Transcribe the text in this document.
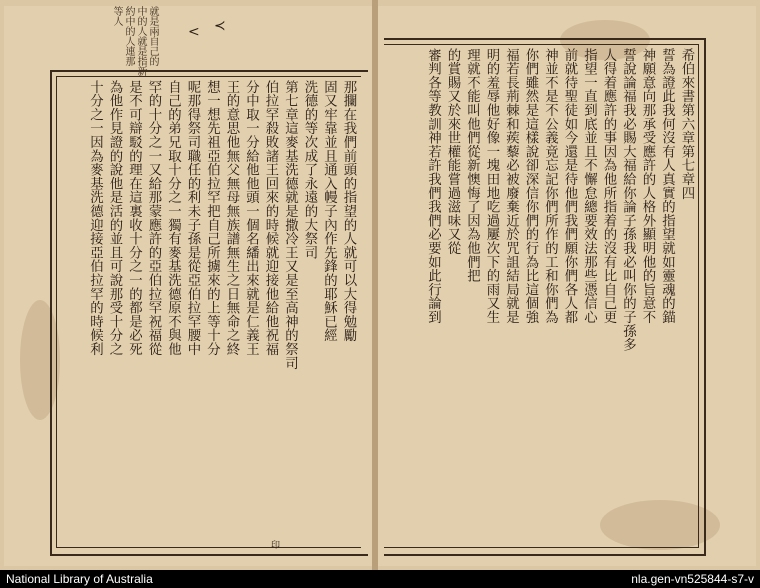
就是兩自己的
中的人就是指新
約中的人連那
等人
< ≺
印
希伯來書第六章第七章四
誓為證此我何沒有人真實的指望就如靈魂的錨
神願意向那承受應許的人格外顯明他的旨意不
誓說論福我必賜大福給你論子孫我必叫你的子孫多
人得着應許的事因為他所指着的沒有比自己更
指望一直到底並且不懈怠總要效法那些憑信心
前就待聖徒如今還是待他們我們願你們各人都
神並不是不公義竟忘記你們所作的工和你們為
你們雖然是這樣說卻深信你們的行為比這個強
福若長荊棘和蒺藜必被廢棄近於咒詛結局就是
明的羞辱他好像一塊田地吃過屢次下的雨又生
理就不能叫他們從新懊悔了因為他們把
的賞賜又於來世權能嘗過滋味又從
審判各等教訓神若許我們我們必要如此行論到
那攔在我們前頭的指望的人就可以大得勉勵
固又牢靠並且通入幔子內作先鋒的耶穌已經
洗德的等次成了永遠的大祭司
第七章這麥基洗德就是撒冷王又是至高神的祭司
伯拉罕殺敗諸王回來的時候就迎接他給他祝福
分中取一分給他他頭一個名繙出來就是仁義王
王的意思他無父無母無族譜無生之日無命之終
想一想先祖亞伯拉罕把自己所擄來的上等十分
呢那得祭司職任的利未子孫是從亞伯拉罕腰中
自己的弟兄取十分之一獨有麥基洗德原不與他
罕的十分之一又給那蒙應許的亞伯拉罕祝福從
是不可辯駁的理在這裏收十分之一的都是必死
為他作見證的說他是活的並且可說那受十分之
十分之一因為麥基洗德迎接亞伯拉罕的時候利
National Library of Australia	nla.gen-vn525844-s7-v
